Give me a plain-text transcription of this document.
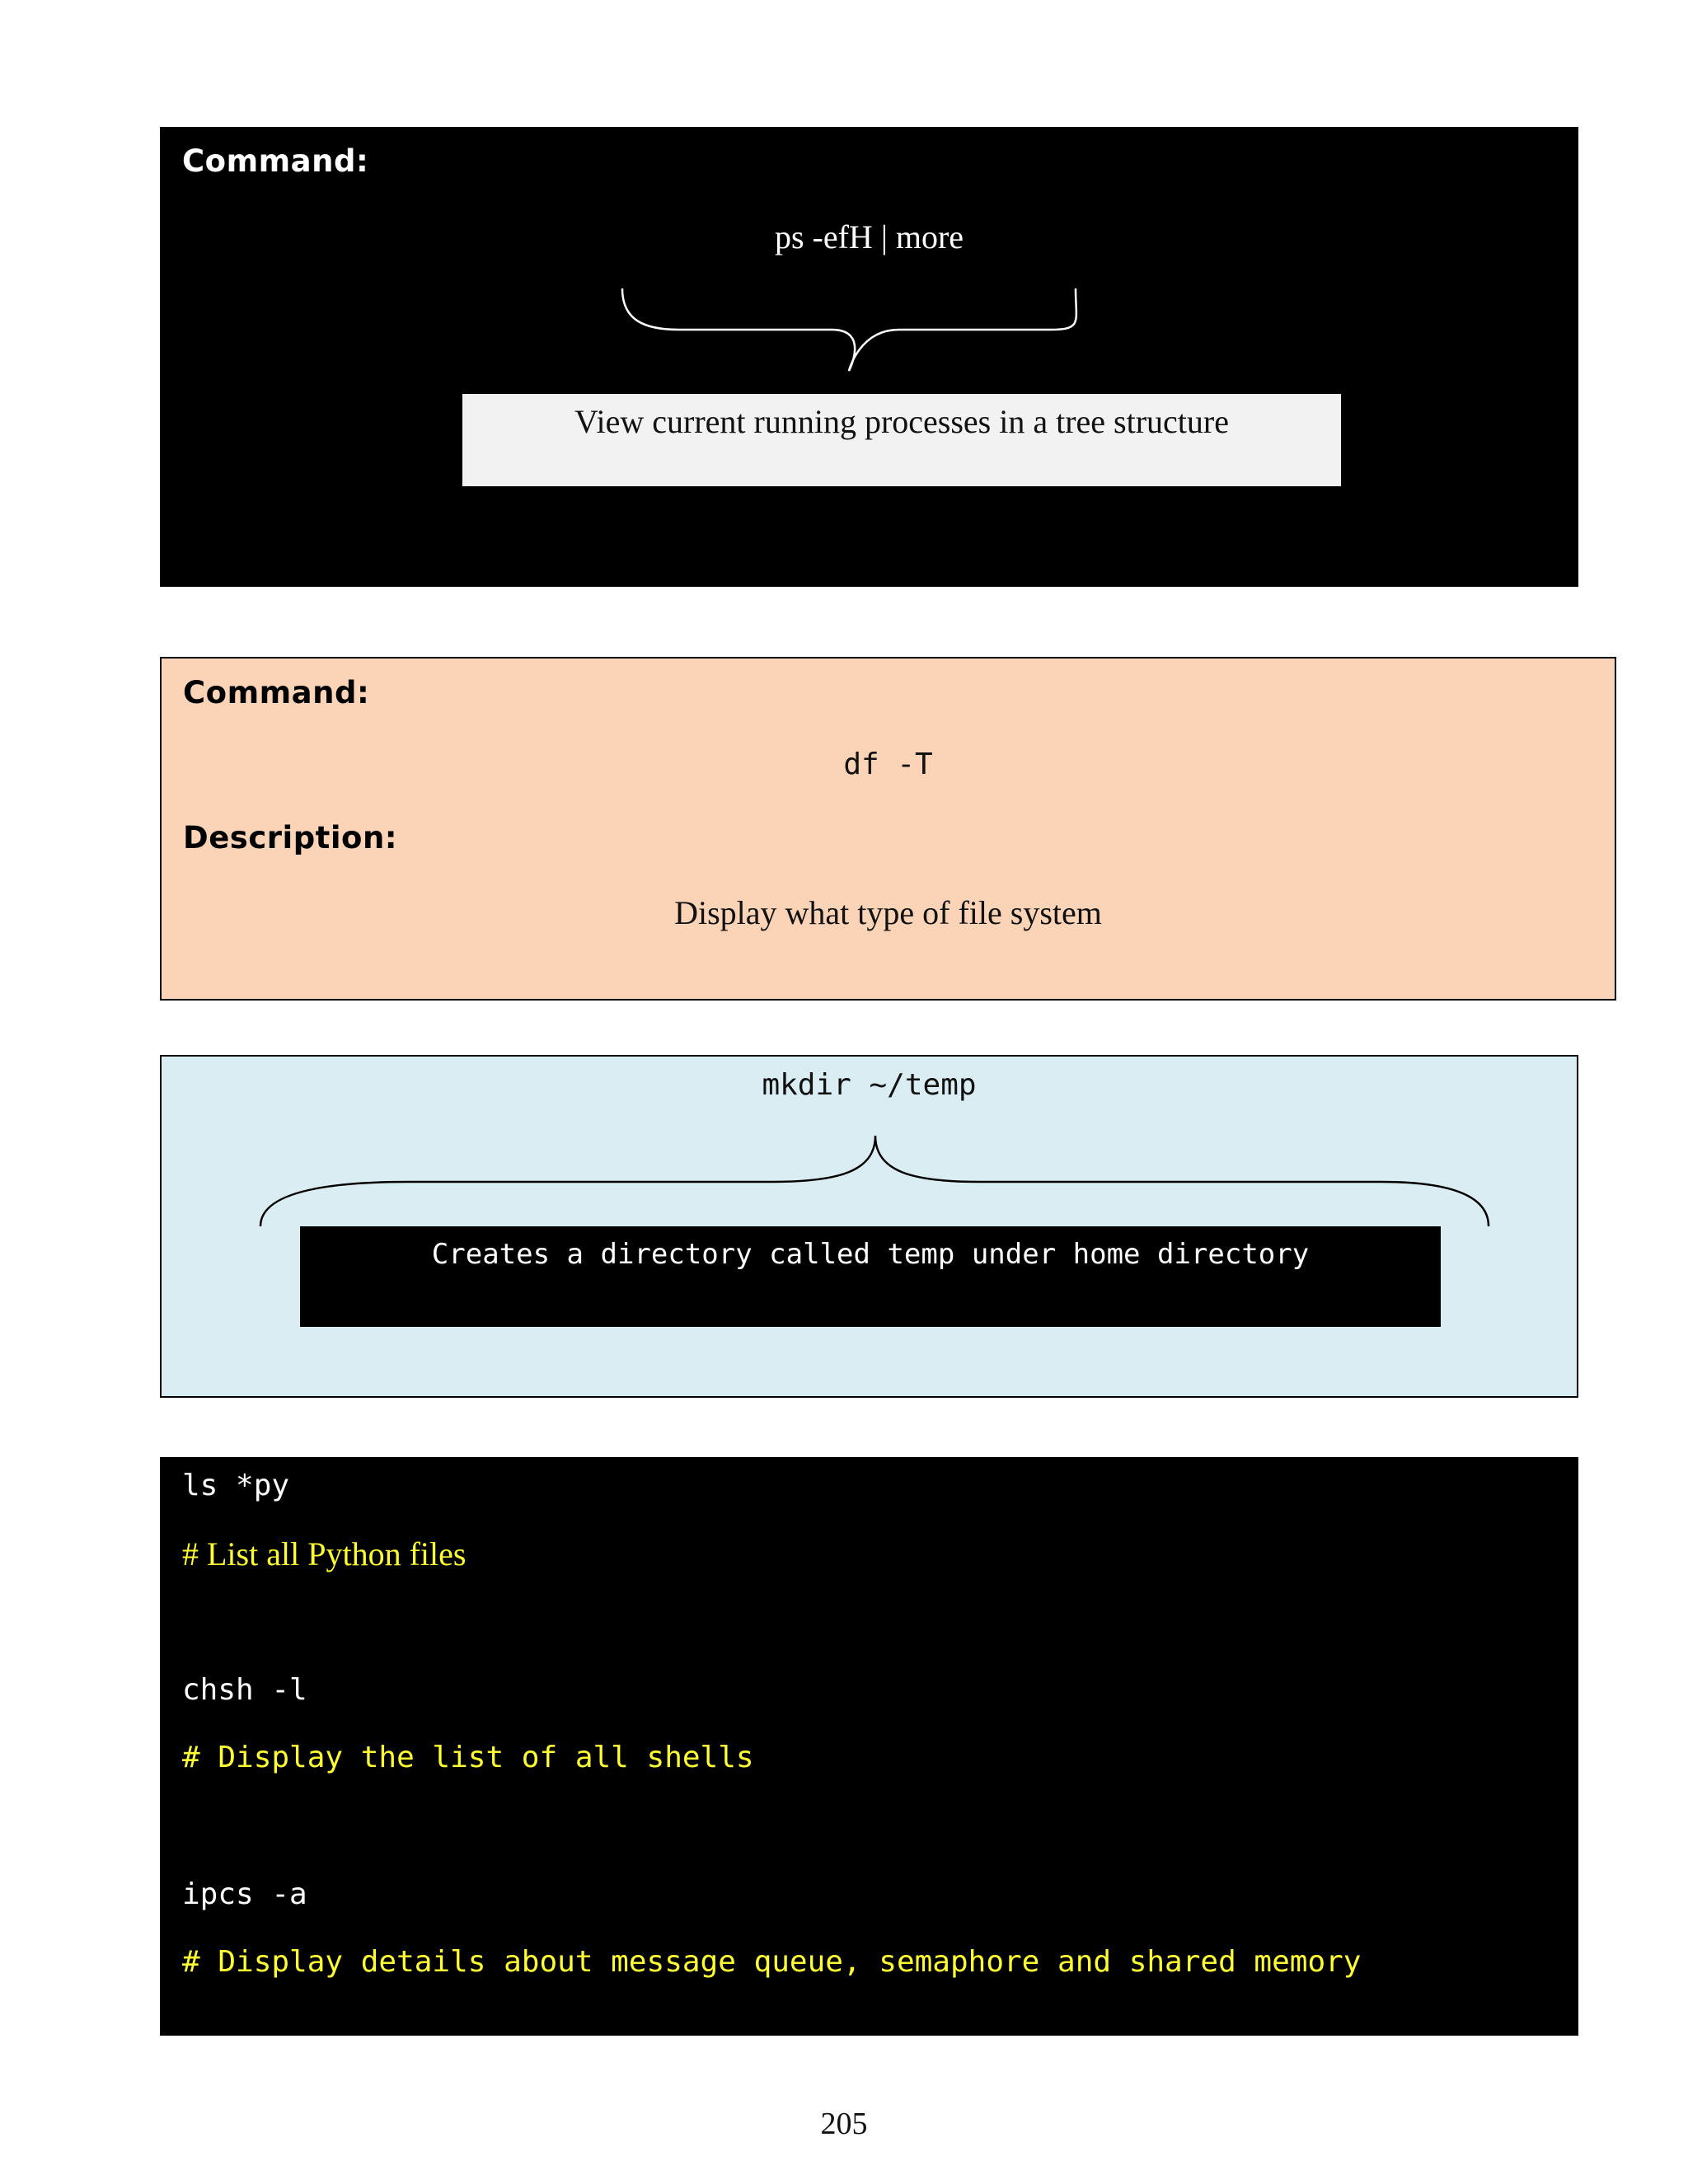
Command:
ps -efH | more
View current running processes in a tree structure
Command:
df -T
Description:
Display what type of file system
mkdir ~/temp
Creates a directory called temp under home directory
ls *py
# List all Python files
chsh -l
# Display the list of all shells
ipcs -a
# Display details about message queue, semaphore and shared memory
205
